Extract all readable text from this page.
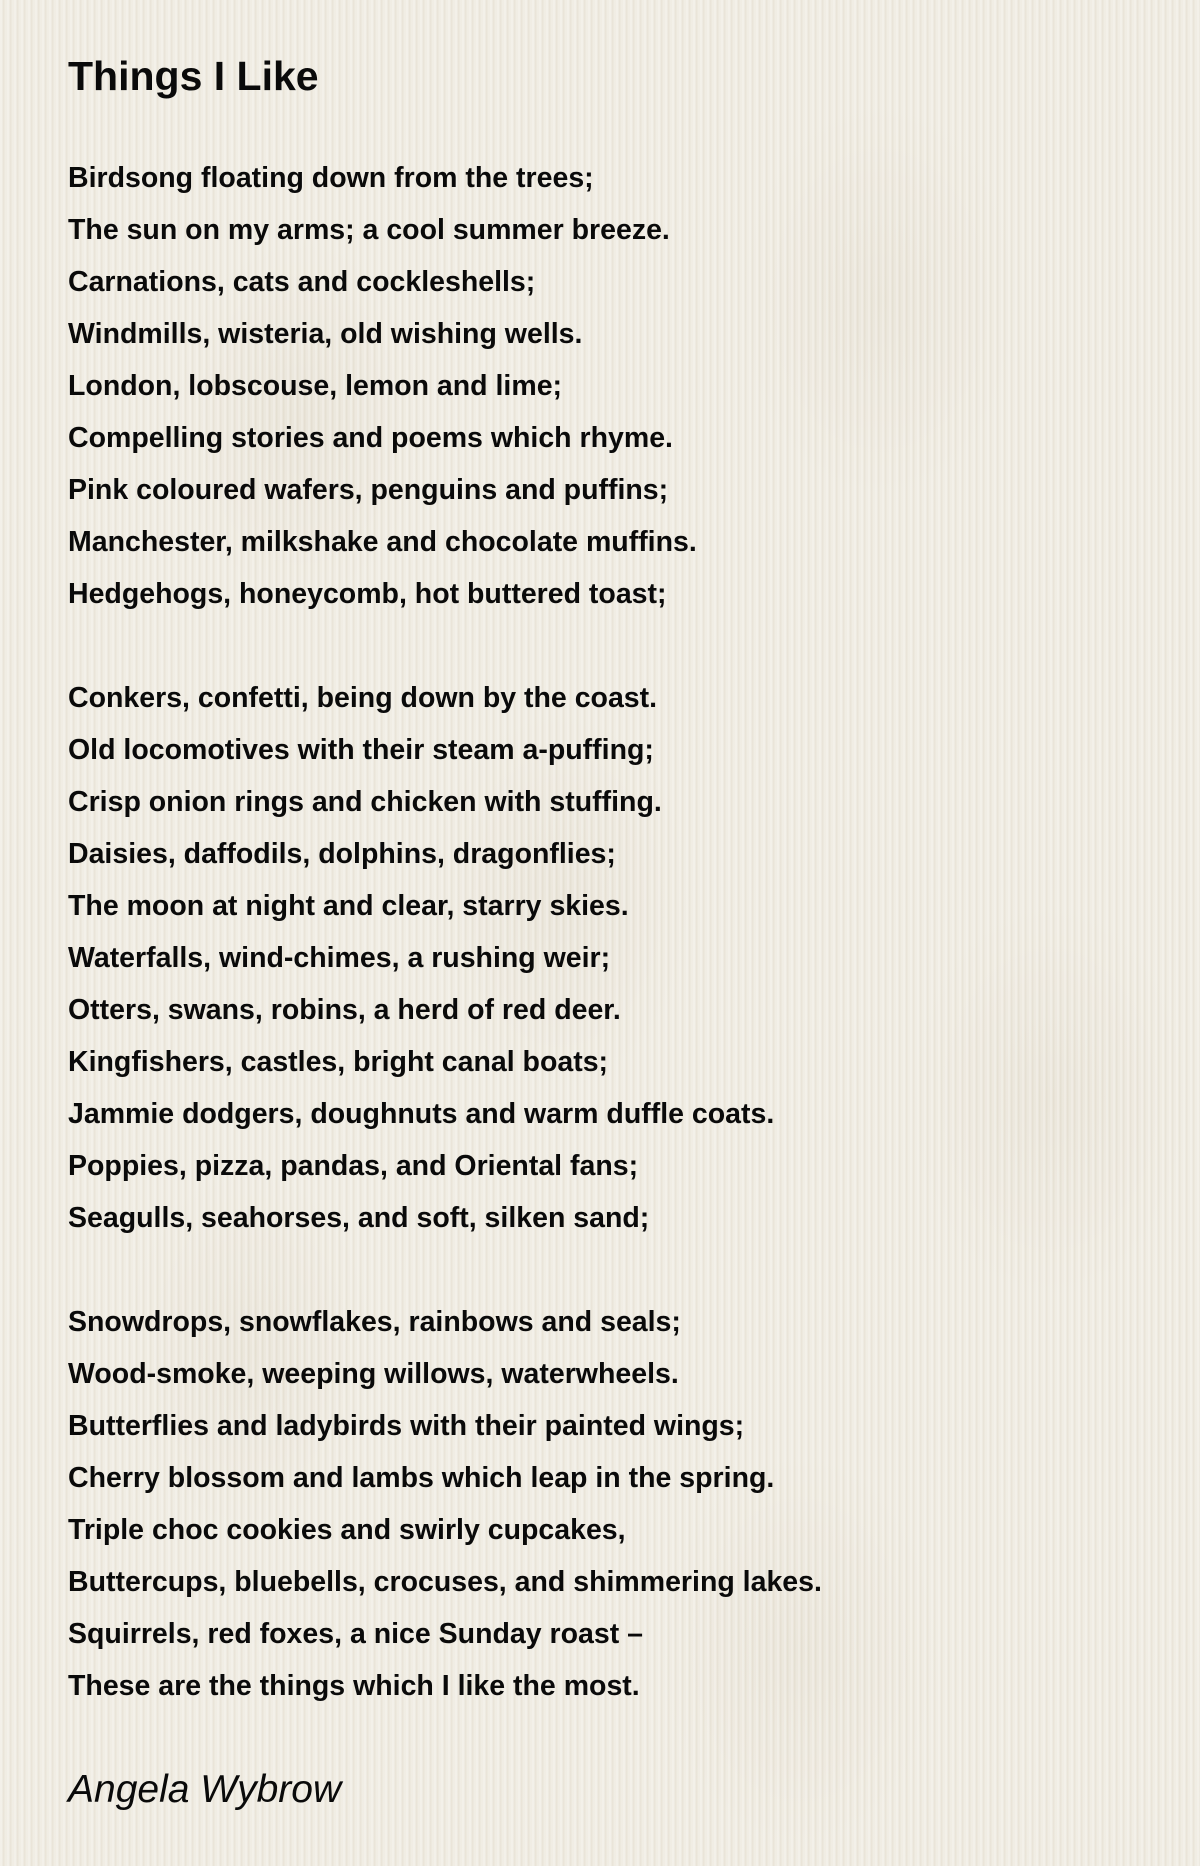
Things I Like
Birdsong floating down from the trees;
The sun on my arms; a cool summer breeze.
Carnations, cats and cockleshells;
Windmills, wisteria, old wishing wells.
London, lobscouse, lemon and lime;
Compelling stories and poems which rhyme.
Pink coloured wafers, penguins and puffins;
Manchester, milkshake and chocolate muffins.
Hedgehogs, honeycomb, hot buttered toast;
Conkers, confetti, being down by the coast.
Old locomotives with their steam a-puffing;
Crisp onion rings and chicken with stuffing.
Daisies, daffodils, dolphins, dragonflies;
The moon at night and clear, starry skies.
Waterfalls, wind-chimes, a rushing weir;
Otters, swans, robins, a herd of red deer.
Kingfishers, castles, bright canal boats;
Jammie dodgers, doughnuts and warm duffle coats.
Poppies, pizza, pandas, and Oriental fans;
Seagulls, seahorses, and soft, silken sand;
Snowdrops, snowflakes, rainbows and seals;
Wood-smoke, weeping willows, waterwheels.
Butterflies and ladybirds with their painted wings;
Cherry blossom and lambs which leap in the spring.
Triple choc cookies and swirly cupcakes,
Buttercups, bluebells, crocuses, and shimmering lakes.
Squirrels, red foxes, a nice Sunday roast –
These are the things which I like the most.

Angela Wybrow
